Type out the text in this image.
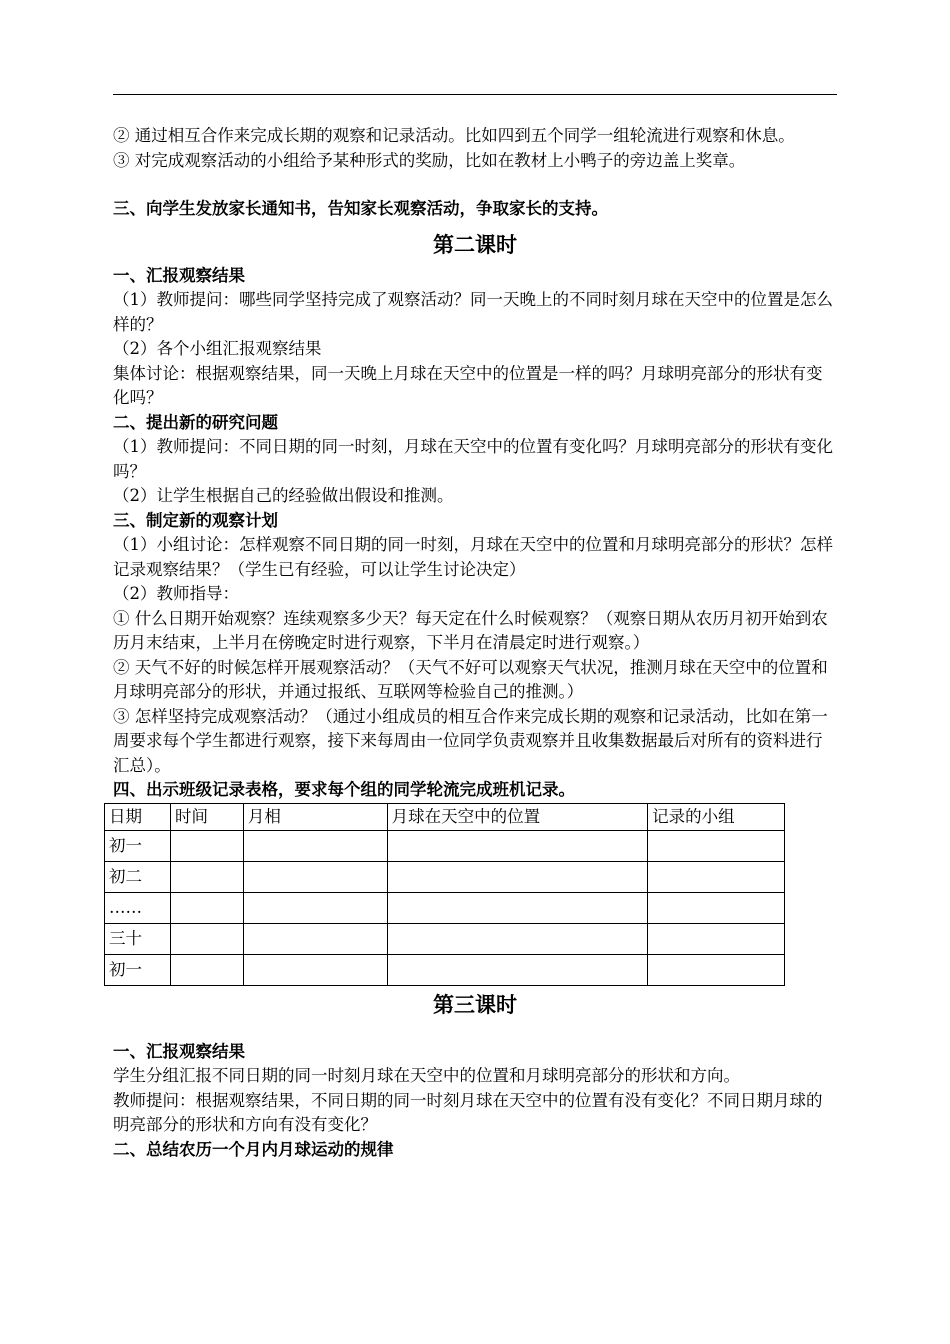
② 通过相互合作来完成长期的观察和记录活动。比如四到五个同学一组轮流进行观察和休息。

③ 对完成观察活动的小组给予某种形式的奖励，比如在教材上小鸭子的旁边盖上奖章。

三、向学生发放家长通知书，告知家长观察活动，争取家长的支持。

第二课时

一、汇报观察结果

（1）教师提问：哪些同学坚持完成了观察活动？同一天晚上的不同时刻月球在天空中的位置是怎么样的？

（2）各个小组汇报观察结果

集体讨论：根据观察结果，同一天晚上月球在天空中的位置是一样的吗？月球明亮部分的形状有变化吗？

二、提出新的研究问题

（1）教师提问：不同日期的同一时刻，月球在天空中的位置有变化吗？月球明亮部分的形状有变化吗？

（2）让学生根据自己的经验做出假设和推测。

三、制定新的观察计划

（1）小组讨论：怎样观察不同日期的同一时刻，月球在天空中的位置和月球明亮部分的形状？怎样记录观察结果？（学生已有经验，可以让学生讨论决定）

（2）教师指导：

① 什么日期开始观察？连续观察多少天？每天定在什么时候观察？（观察日期从农历月初开始到农历月末结束，上半月在傍晚定时进行观察，下半月在清晨定时进行观察。）

② 天气不好的时候怎样开展观察活动？（天气不好可以观察天气状况，推测月球在天空中的位置和月球明亮部分的形状，并通过报纸、互联网等检验自己的推测。）

③ 怎样坚持完成观察活动？（通过小组成员的相互合作来完成长期的观察和记录活动，比如在第一周要求每个学生都进行观察，接下来每周由一位同学负责观察并且收集数据最后对所有的资料进行汇总）。

四、出示班级记录表格，要求每个组的同学轮流完成班机记录。

日期	时间	月相	月球在天空中的位置	记录的小组
初一				
初二				
……				
三十				
初一				
第三课时

一、汇报观察结果

学生分组汇报不同日期的同一时刻月球在天空中的位置和月球明亮部分的形状和方向。

教师提问：根据观察结果，不同日期的同一时刻月球在天空中的位置有没有变化？不同日期月球的明亮部分的形状和方向有没有变化？

二、总结农历一个月内月球运动的规律
